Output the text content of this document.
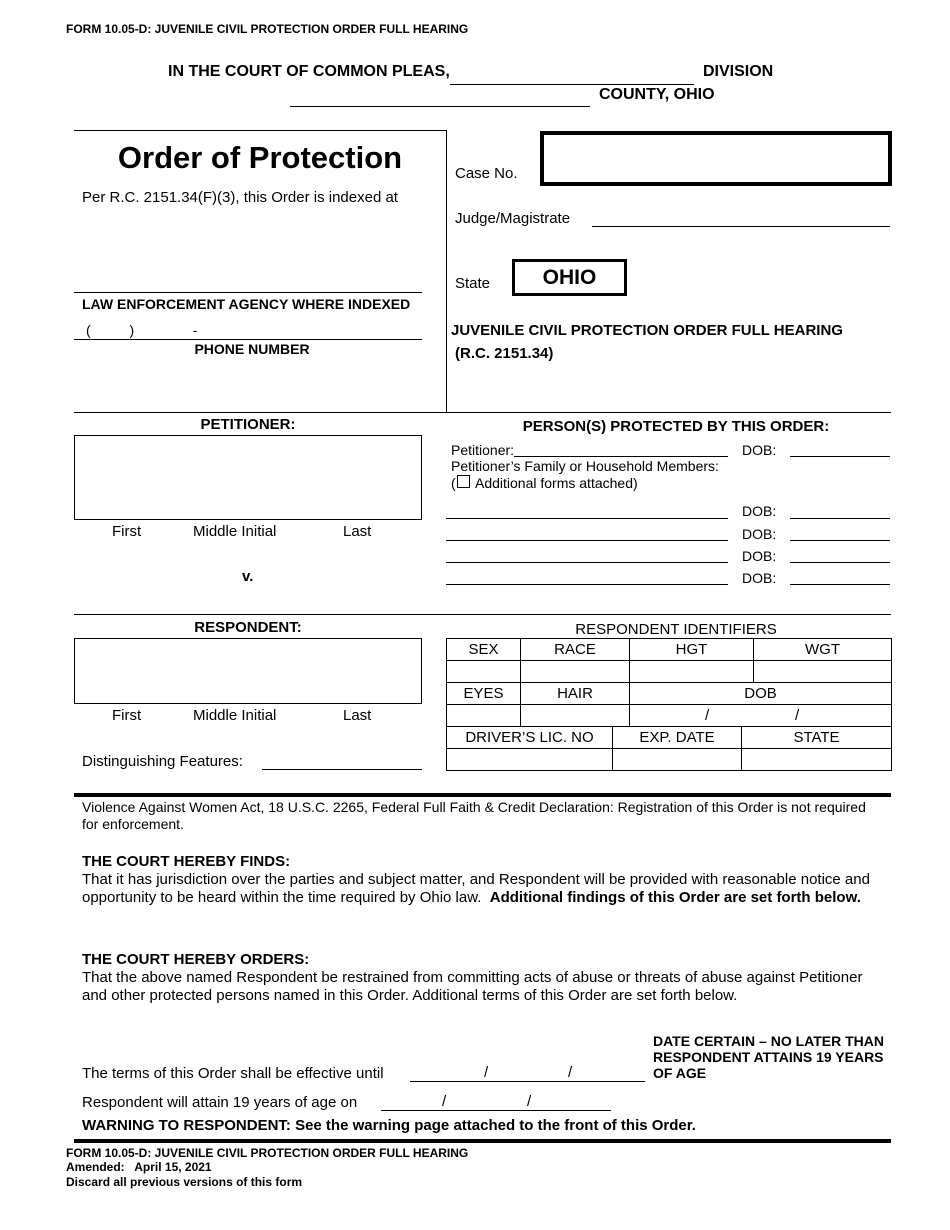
FORM 10.05-D: JUVENILE CIVIL PROTECTION ORDER FULL HEARING
IN THE COURT OF COMMON PLEAS,	DIVISION
COUNTY, OHIO
Order of Protection
Per R.C. 2151.34(F)(3), this Order is indexed at
LAW ENFORCEMENT AGENCY WHERE INDEXED
(          )               -
PHONE NUMBER
Case No.
Judge/Magistrate
State	OHIO
JUVENILE CIVIL PROTECTION ORDER FULL HEARING
(R.C. 2151.34)
PETITIONER:
First	Middle Initial	Last
v.
PERSON(S) PROTECTED BY THIS ORDER:
Petitioner:	DOB:
Petitioner’s Family or Household Members:
( Additional forms attached)
DOB:
DOB:
DOB:
DOB:
RESPONDENT:
First	Middle Initial	Last
Distinguishing Features:
RESPONDENT IDENTIFIERS
SEX	RACE	HGT	WGT

EYES	HAIR	DOB	

		/ /	
DRIVER’S LIC. NO	EXP. DATE	STATE

Violence Against Women Act, 18 U.S.C. 2265, Federal Full Faith & Credit Declaration: Registration of this Order is not required for enforcement.
THE COURT HEREBY FINDS:
That it has jurisdiction over the parties and subject matter, and Respondent will be provided with reasonable notice and opportunity to be heard within the time required by Ohio law. Additional findings of this Order are set forth below.
THE COURT HEREBY ORDERS:
That the above named Respondent be restrained from committing acts of abuse or threats of abuse against Petitioner and other protected persons named in this Order. Additional terms of this Order are set forth below.
DATE CERTAIN – NO LATER THAN RESPONDENT ATTAINS 19 YEARS OF AGE
The terms of this Order shall be effective until	/	/
Respondent will attain 19 years of age on	/	/
WARNING TO RESPONDENT: See the warning page attached to the front of this Order.
FORM 10.05-D: JUVENILE CIVIL PROTECTION ORDER FULL HEARING
Amended:   April 15, 2021
Discard all previous versions of this form
